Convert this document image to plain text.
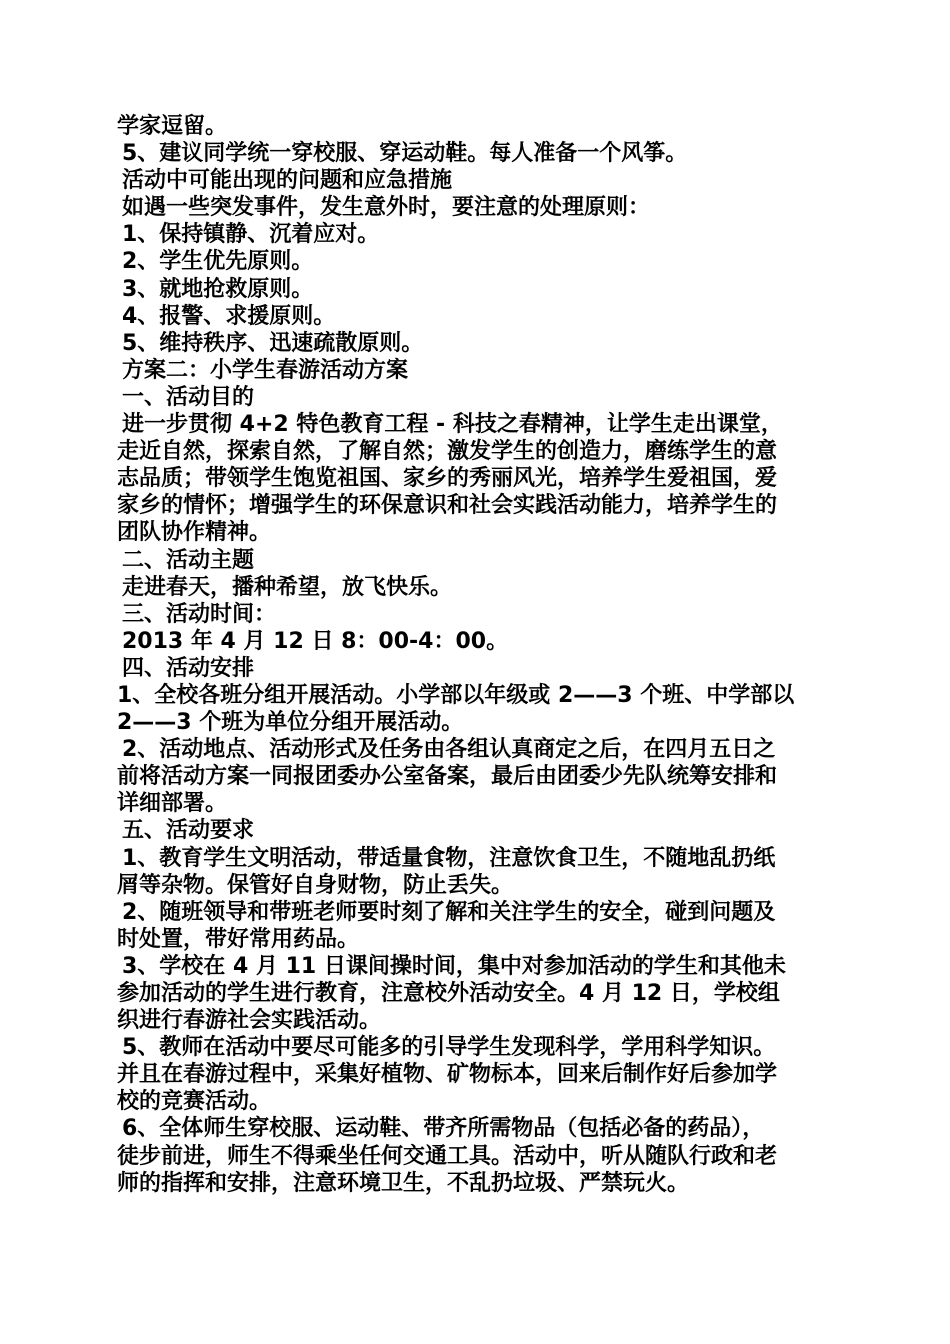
学家逗留。
5、建议同学统一穿校服、穿运动鞋。每人准备一个风筝。
活动中可能出现的问题和应急措施
如遇一些突发事件，发生意外时，要注意的处理原则：
1、保持镇静、沉着应对。
2、学生优先原则。
3、就地抢救原则。
4、报警、求援原则。
5、维持秩序、迅速疏散原则。
方案二：小学生春游活动方案
一、活动目的
进一步贯彻 4+2 特色教育工程 - 科技之春精神，让学生走出课堂，
走近自然，探索自然，了解自然；激发学生的创造力，磨练学生的意
志品质；带领学生饱览祖国、家乡的秀丽风光，培养学生爱祖国，爱
家乡的情怀；增强学生的环保意识和社会实践活动能力，培养学生的
团队协作精神。
二、活动主题
走进春天，播种希望，放飞快乐。
三、活动时间：
2013 年 4 月 12 日 8：00-4：00。
四、活动安排
1、全校各班分组开展活动。小学部以年级或 2——3 个班、中学部以
2——3 个班为单位分组开展活动。
2、活动地点、活动形式及任务由各组认真商定之后，在四月五日之
前将活动方案一同报团委办公室备案，最后由团委少先队统筹安排和
详细部署。
五、活动要求
1、教育学生文明活动，带适量食物，注意饮食卫生，不随地乱扔纸
屑等杂物。保管好自身财物，防止丢失。
2、随班领导和带班老师要时刻了解和关注学生的安全，碰到问题及
时处置，带好常用药品。
3、学校在 4 月 11 日课间操时间，集中对参加活动的学生和其他未
参加活动的学生进行教育，注意校外活动安全。4 月 12 日，学校组
织进行春游社会实践活动。
5、教师在活动中要尽可能多的引导学生发现科学，学用科学知识。
并且在春游过程中，采集好植物、矿物标本，回来后制作好后参加学
校的竞赛活动。
6、全体师生穿校服、运动鞋、带齐所需物品（包括必备的药品），
徒步前进，师生不得乘坐任何交通工具。活动中，听从随队行政和老
师的指挥和安排，注意环境卫生，不乱扔垃圾、严禁玩火。
